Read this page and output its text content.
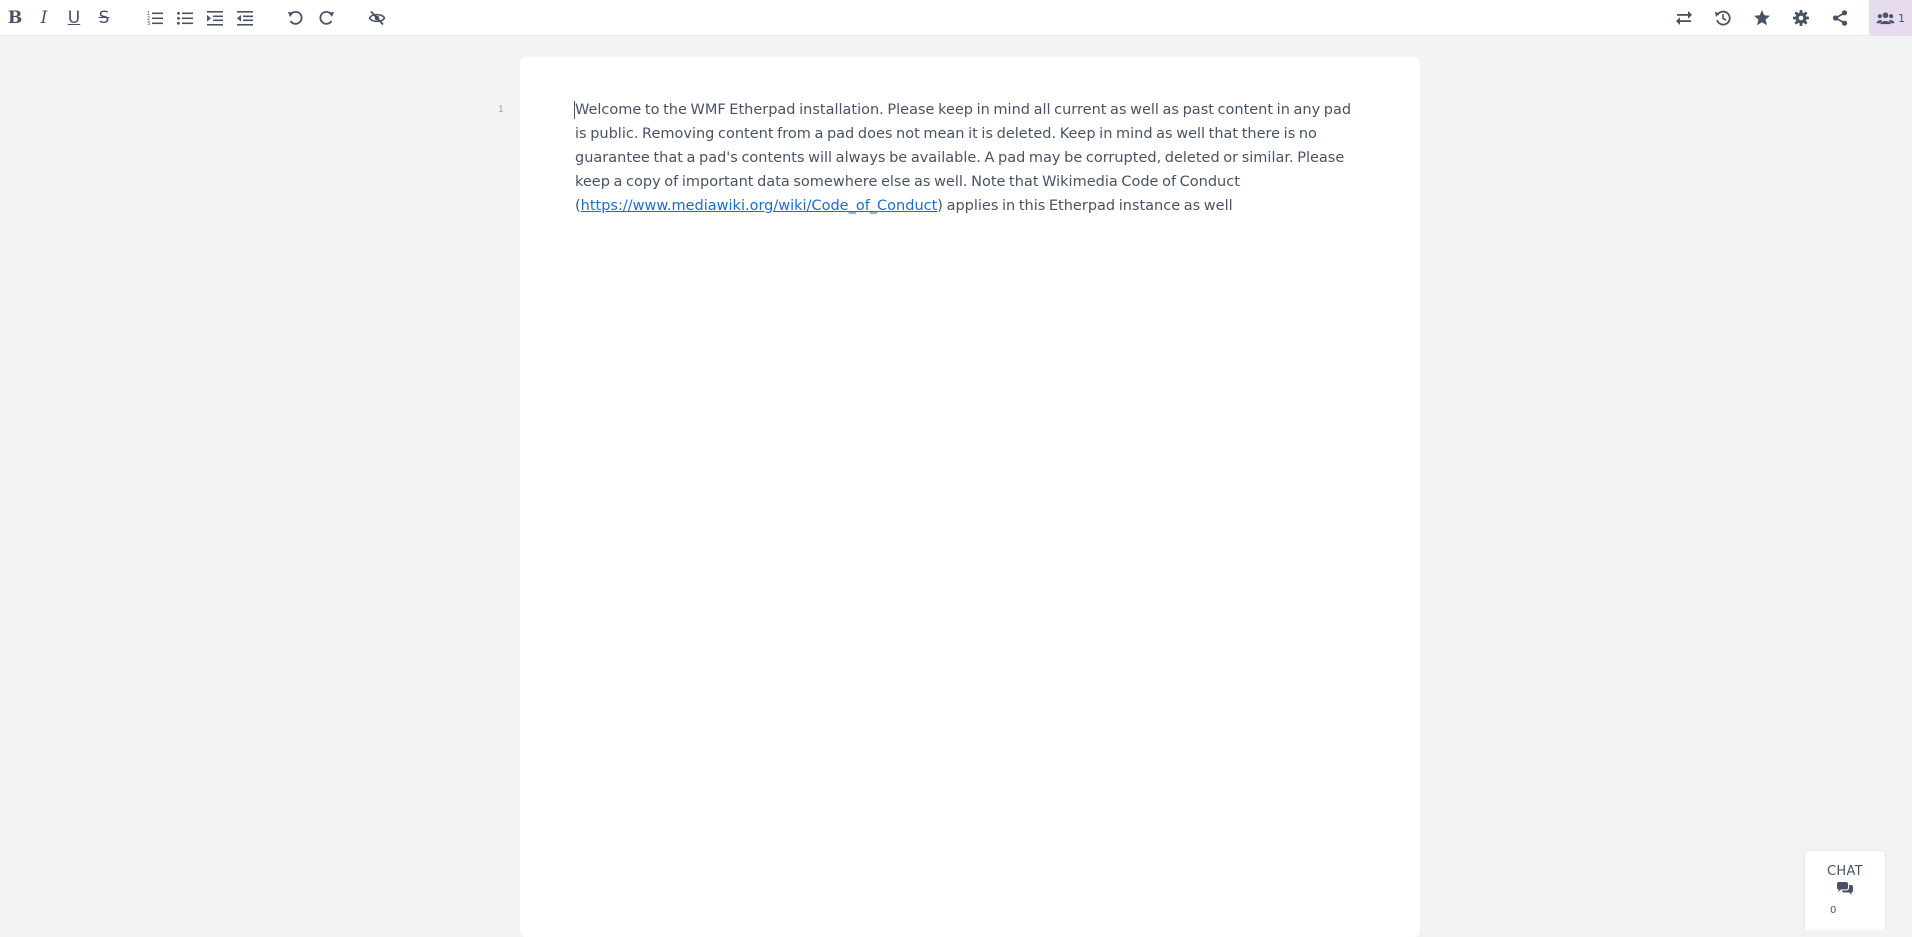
B I U S	1
2
3	1
1	Welcome to the WMF Etherpad installation. Please keep in mind all current as well as past content in any pad is public. Removing content from a pad does not mean it is deleted. Keep in mind as well that there is no guarantee that a pad's contents will always be available. A pad may be corrupted, deleted or similar. Please keep a copy of important data somewhere else as well. Note that Wikimedia Code of Conduct (https://www.mediawiki.org/wiki/Code_of_Conduct) applies in this Etherpad instance as well
CHAT
0
